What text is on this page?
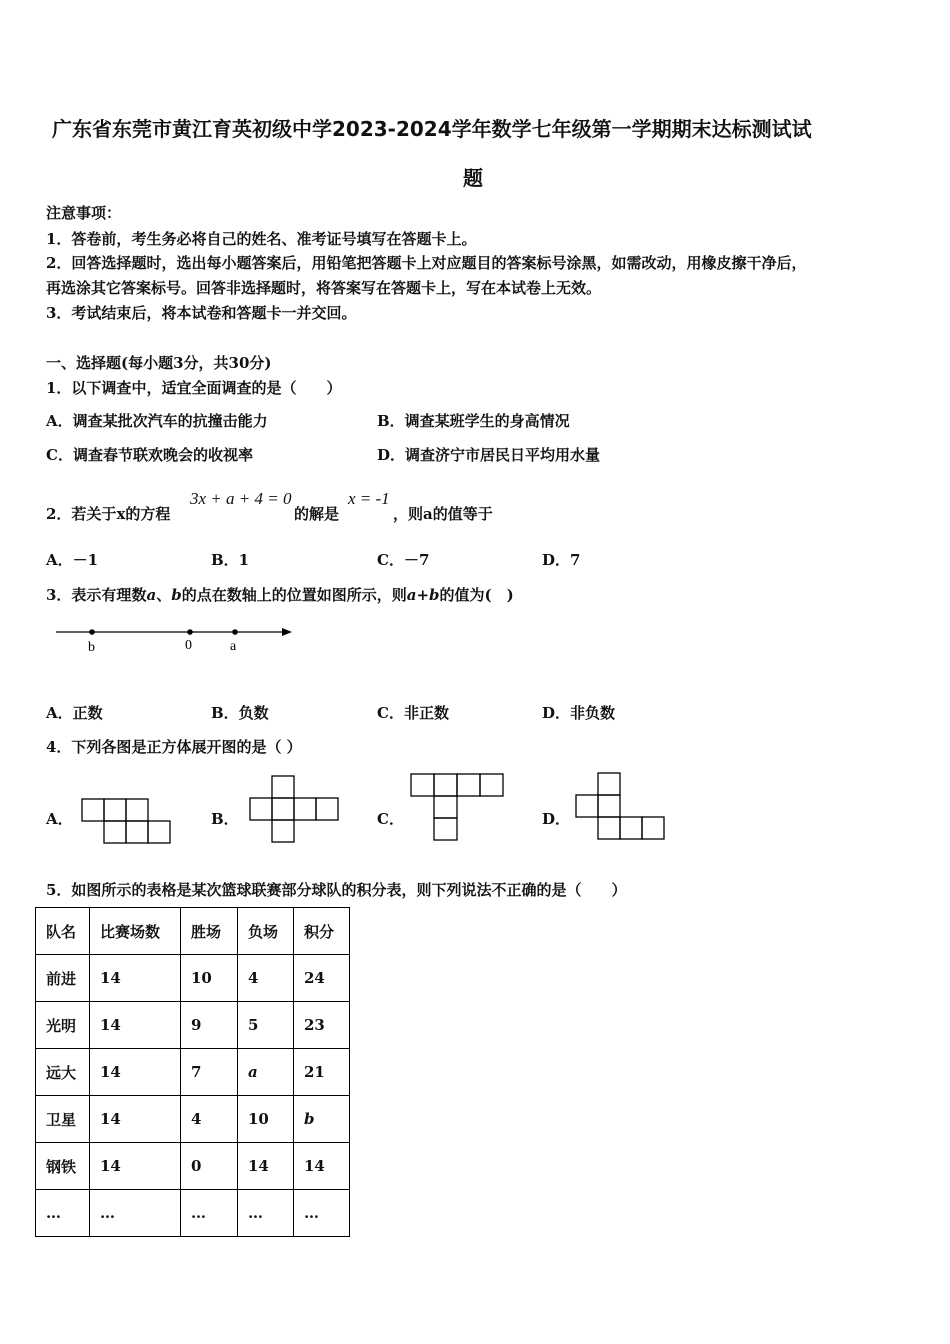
广东省东莞市黄江育英初级中学2023-2024学年数学七年级第一学期期末达标测试试
题
注意事项：
1．答卷前，考生务必将自己的姓名、准考证号填写在答题卡上。
2．回答选择题时，选出每小题答案后，用铅笔把答题卡上对应题目的答案标号涂黑，如需改动，用橡皮擦干净后，
再选涂其它答案标号。回答非选择题时，将答案写在答题卡上，写在本试卷上无效。
3．考试结束后，将本试卷和答题卡一并交回。
一、选择题(每小题3分，共30分)
1．以下调查中，适宜全面调查的是（　　）
A．调查某批次汽车的抗撞击能力	B．调查某班学生的身高情况
C．调查春节联欢晚会的收视率	D．调查济宁市居民日平均用水量
2．若关于x的方程
3x + a + 4 = 0
的解是
x = -1
，则a的值等于
A．－1	B．1	C．－7	D．7
3．表示有理数a、b的点在数轴上的位置如图所示，则a+b的值为(　)
b	0	a
A．正数	B．负数	C．非正数	D．非负数
4．下列各图是正方体展开图的是（ ）
A．	B．	C．	D．
5．如图所示的表格是某次篮球联赛部分球队的积分表，则下列说法不正确的是（　　）
队名	比赛场数	胜场	负场	积分
前进	14	10	4	24
光明	14	9	5	23
远大	14	7	a	21
卫星	14	4	10	b
钢铁	14	0	14	14
…	…	…	…	…
